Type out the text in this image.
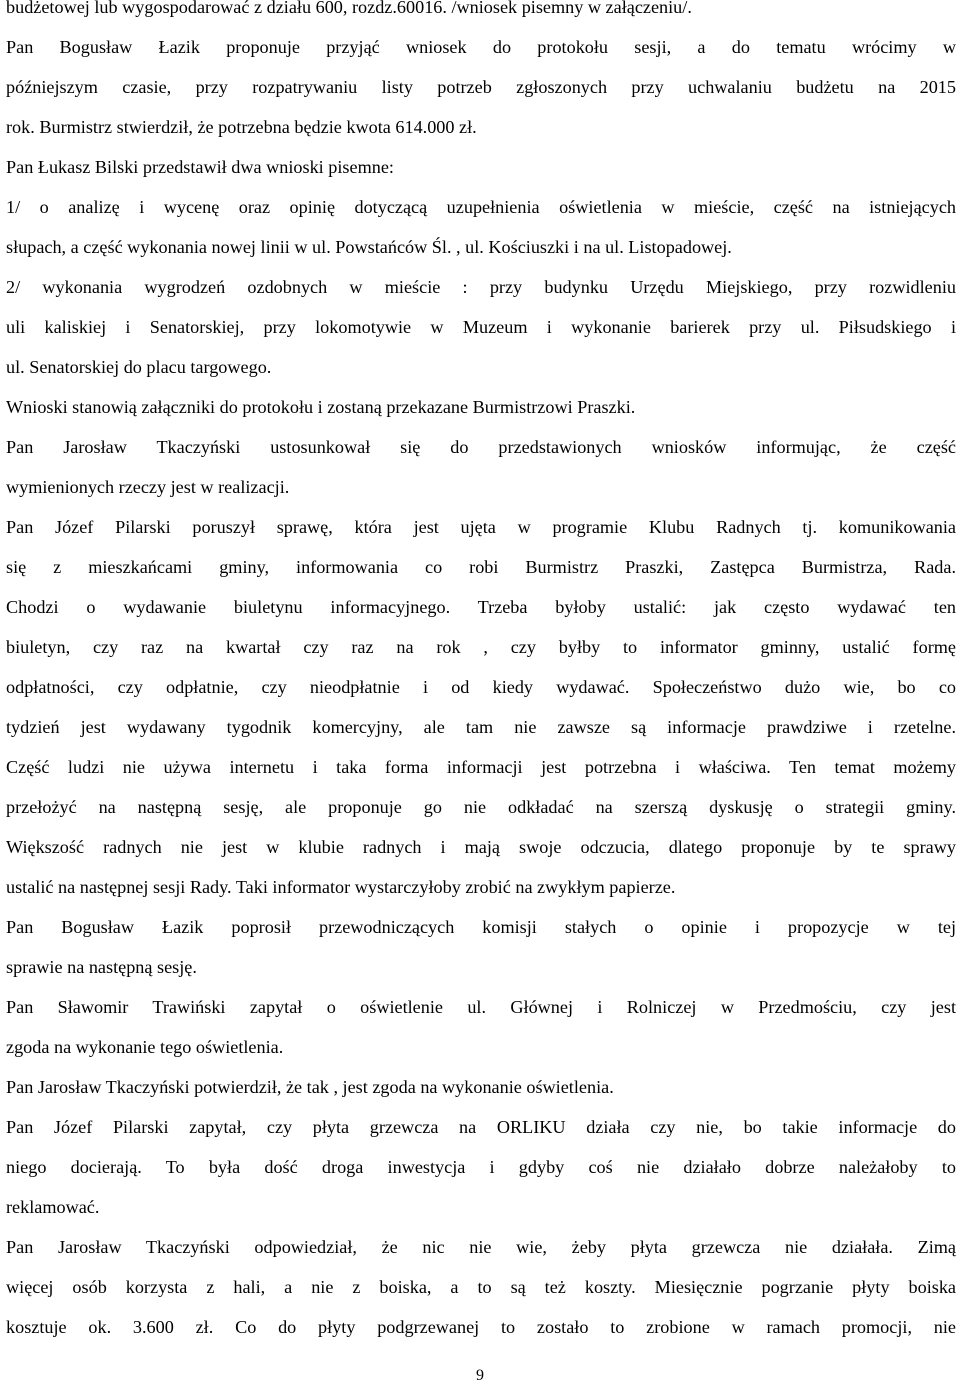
budżetowej lub wygospodarować z działu 600, rozdz.60016. /wniosek pisemny w załączeniu/.
Pan Bogusław Łazik proponuje przyjąć wniosek do protokołu sesji, a do tematu wrócimy w
późniejszym czasie, przy rozpatrywaniu listy potrzeb zgłoszonych przy uchwalaniu budżetu na 2015
rok. Burmistrz stwierdził, że potrzebna będzie kwota 614.000 zł.
Pan Łukasz Bilski przedstawił dwa wnioski pisemne:
1/ o analizę i wycenę oraz opinię dotyczącą uzupełnienia oświetlenia w mieście, część na istniejących
słupach, a część wykonania nowej linii w ul. Powstańców Śl. , ul. Kościuszki i na ul. Listopadowej.
2/ wykonania wygrodzeń ozdobnych w mieście : przy budynku Urzędu Miejskiego, przy rozwidleniu
uli kaliskiej i Senatorskiej, przy lokomotywie w Muzeum i wykonanie barierek przy ul. Piłsudskiego i
ul. Senatorskiej do placu targowego.
Wnioski stanowią załączniki do protokołu i zostaną przekazane Burmistrzowi Praszki.
Pan Jarosław Tkaczyński ustosunkował się do przedstawionych wniosków informując, że część
wymienionych rzeczy jest w realizacji.
Pan Józef Pilarski poruszył sprawę, która jest ujęta w programie Klubu Radnych tj. komunikowania
się z mieszkańcami gminy, informowania co robi Burmistrz Praszki, Zastępca Burmistrza, Rada.
Chodzi o wydawanie biuletynu informacyjnego. Trzeba byłoby ustalić: jak często wydawać ten
biuletyn, czy raz na kwartał czy raz na rok , czy byłby to informator gminny, ustalić formę
odpłatności, czy odpłatnie, czy nieodpłatnie i od kiedy wydawać. Społeczeństwo dużo wie, bo co
tydzień jest wydawany tygodnik komercyjny, ale tam nie zawsze są informacje prawdziwe i rzetelne.
Część ludzi nie używa internetu i taka forma informacji jest potrzebna i właściwa. Ten temat możemy
przełożyć na następną sesję, ale proponuje go nie odkładać na szerszą dyskusję o strategii gminy.
Większość radnych nie jest w klubie radnych i mają swoje odczucia, dlatego proponuje by te sprawy
ustalić na następnej sesji Rady. Taki informator wystarczyłoby zrobić na zwykłym papierze.
Pan Bogusław Łazik poprosił przewodniczących komisji stałych o opinie i propozycje w tej
sprawie na następną sesję.
Pan Sławomir Trawiński zapytał o oświetlenie ul. Głównej i Rolniczej w Przedmościu, czy jest
zgoda na wykonanie tego oświetlenia.
Pan Jarosław Tkaczyński potwierdził, że tak , jest zgoda na wykonanie oświetlenia.
Pan Józef Pilarski zapytał, czy płyta grzewcza na ORLIKU działa czy nie, bo takie informacje do
niego docierają. To była dość droga inwestycja i gdyby coś nie działało dobrze należałoby to
reklamować.
Pan Jarosław Tkaczyński odpowiedział, że nic nie wie, żeby płyta grzewcza nie działała. Zimą
więcej osób korzysta z hali, a nie z boiska, a to są też koszty. Miesięcznie pogrzanie płyty boiska
kosztuje ok. 3.600 zł. Co do płyty podgrzewanej to zostało to zrobione w ramach promocji, nie
9
